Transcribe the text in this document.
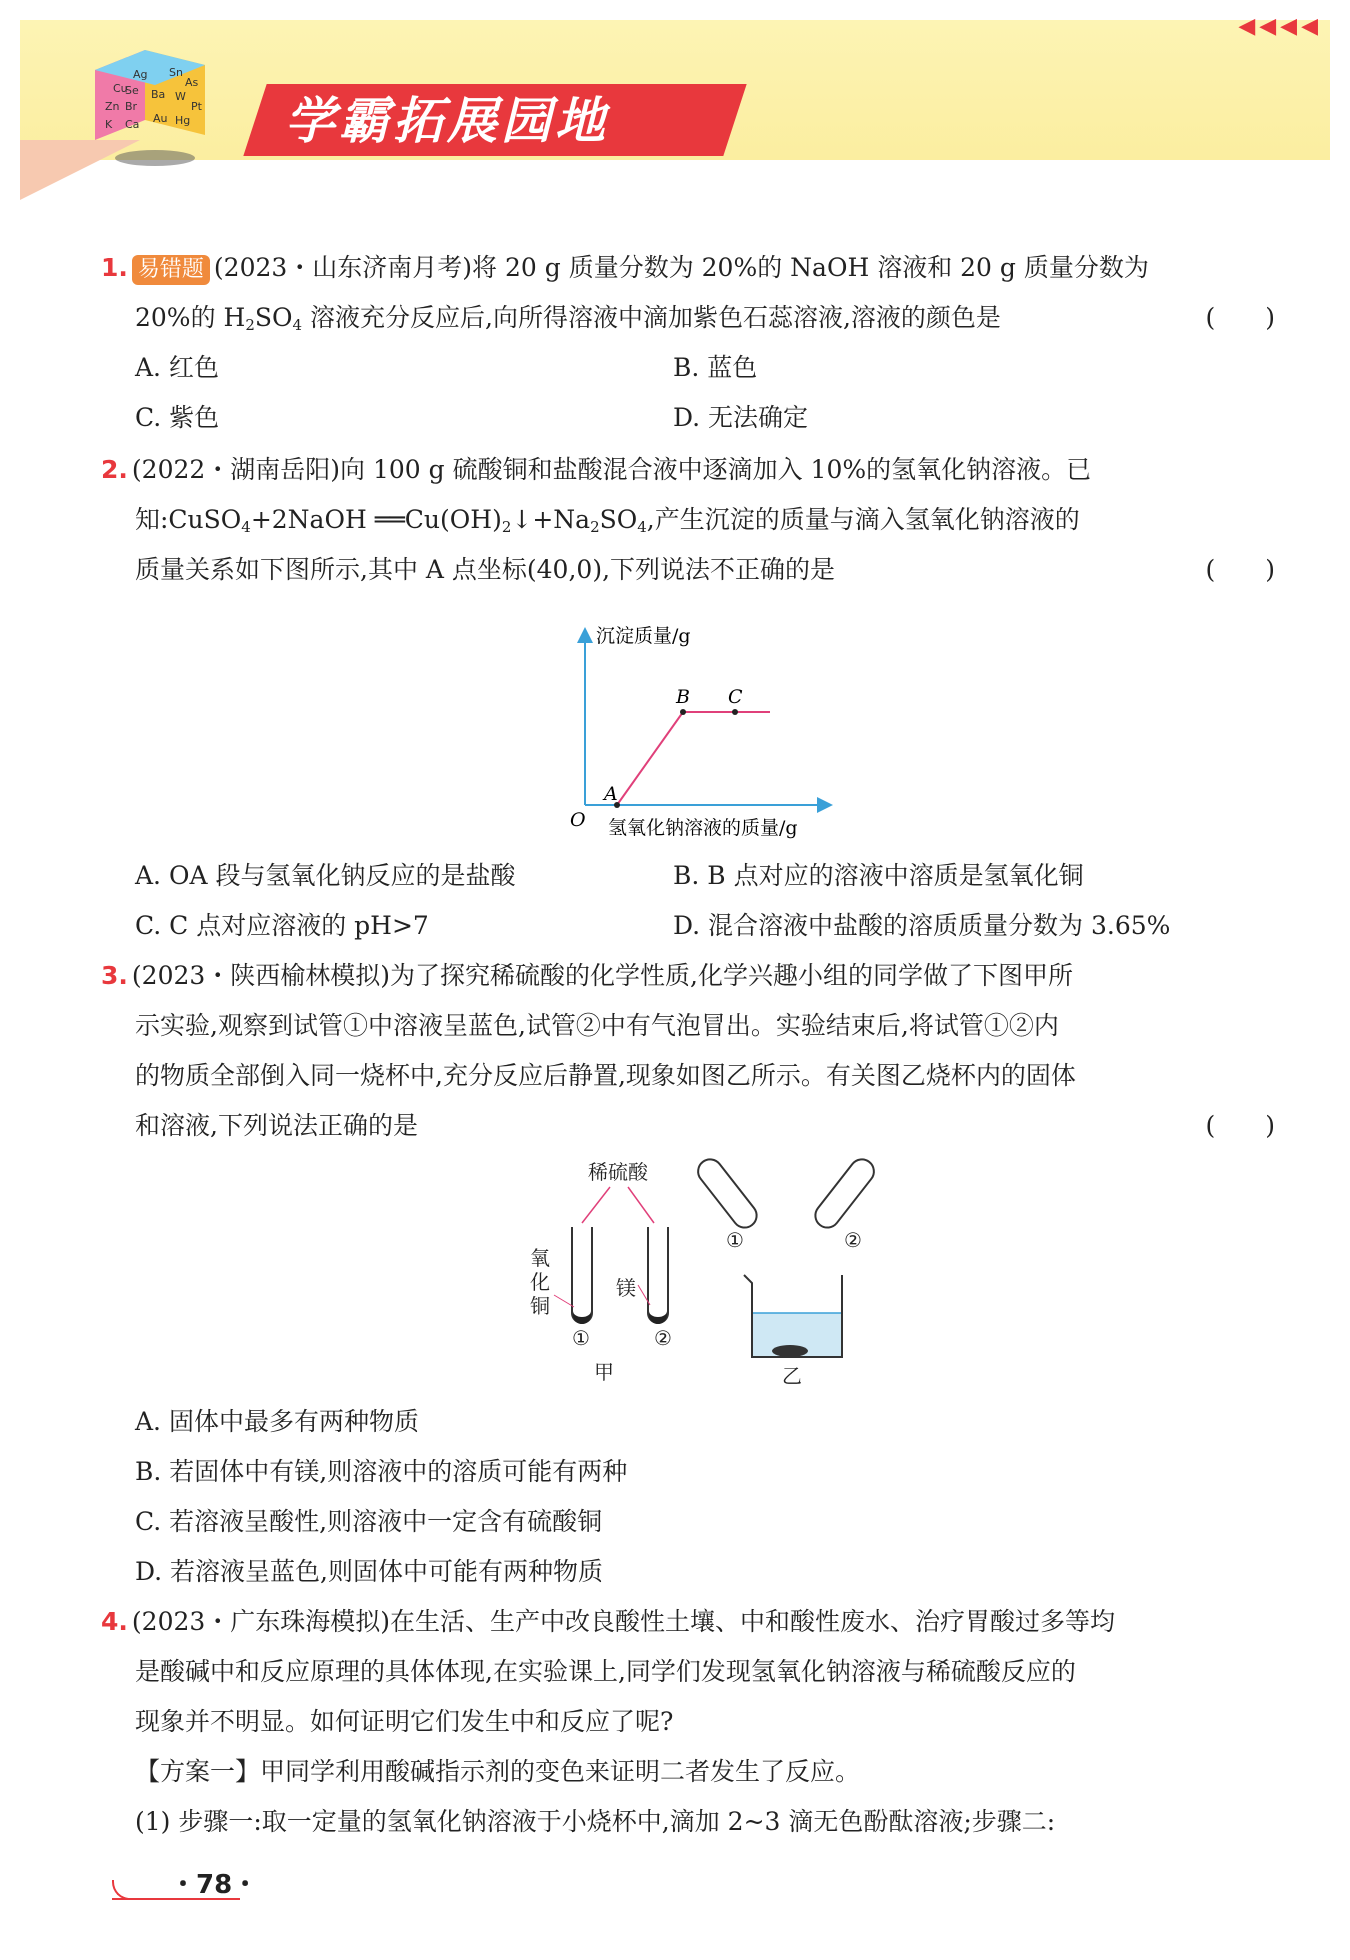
◀◀◀◀
Ag Sn
Ba W
Cu
Au Hg
Pt
Zn Br
K Ca
As
Se
学霸拓展园地
1. 易错题 (2023・山东济南月考)将 20 g 质量分数为 20%的 NaOH 溶液和 20 g 质量分数为
20%的 $H_2SO_4$ 溶液充分反应后,向所得溶液中滴加紫色石蕊溶液,溶液的颜色是	(　　)
A. 红色	B. 蓝色
C. 紫色	D. 无法确定
2. (2022・湖南岳阳)向 100 g 硫酸铜和盐酸混合液中逐滴加入 10%的氢氧化钠溶液。已
知:CuSO$_4$+2NaOH $══Cu(OH)_2↓+Na_2SO_4$,产生沉淀的质量与滴入氢氧化钠溶液的
质量关系如下图所示,其中 A 点坐标(40,0),下列说法不正确的是	(　　)
沉淀质量/g
氢氧化钠溶液的质量/g
O
A
B C
A. OA 段与氢氧化钠反应的是盐酸	B. B 点对应的溶液中溶质是氢氧化铜
C. C 点对应溶液的 pH>7	D. 混合溶液中盐酸的溶质质量分数为 3.65%
3. (2023・陕西榆林模拟)为了探究稀硫酸的化学性质,化学兴趣小组的同学做了下图甲所
示实验,观察到试管①中溶液呈蓝色,试管②中有气泡冒出。实验结束后,将试管①②内
的物质全部倒入同一烧杯中,充分反应后静置,现象如图乙所示。有关图乙烧杯内的固体
和溶液,下列说法正确的是	(　　)
稀硫酸
氧
化
铜
镁
①	②
甲	乙
①	②
A. 固体中最多有两种物质
B. 若固体中有镁,则溶液中的溶质可能有两种
C. 若溶液呈酸性,则溶液中一定含有硫酸铜
D. 若溶液呈蓝色,则固体中可能有两种物质
4. (2023・广东珠海模拟)在生活、生产中改良酸性土壤、中和酸性废水、治疗胃酸过多等均
是酸碱中和反应原理的具体体现,在实验课上,同学们发现氢氧化钠溶液与稀硫酸反应的
现象并不明显。如何证明它们发生中和反应了呢?
【方案一】甲同学利用酸碱指示剂的变色来证明二者发生了反应。
(1) 步骤一:取一定量的氢氧化钠溶液于小烧杯中,滴加 2~3 滴无色酚酞溶液;步骤二:
・78・
